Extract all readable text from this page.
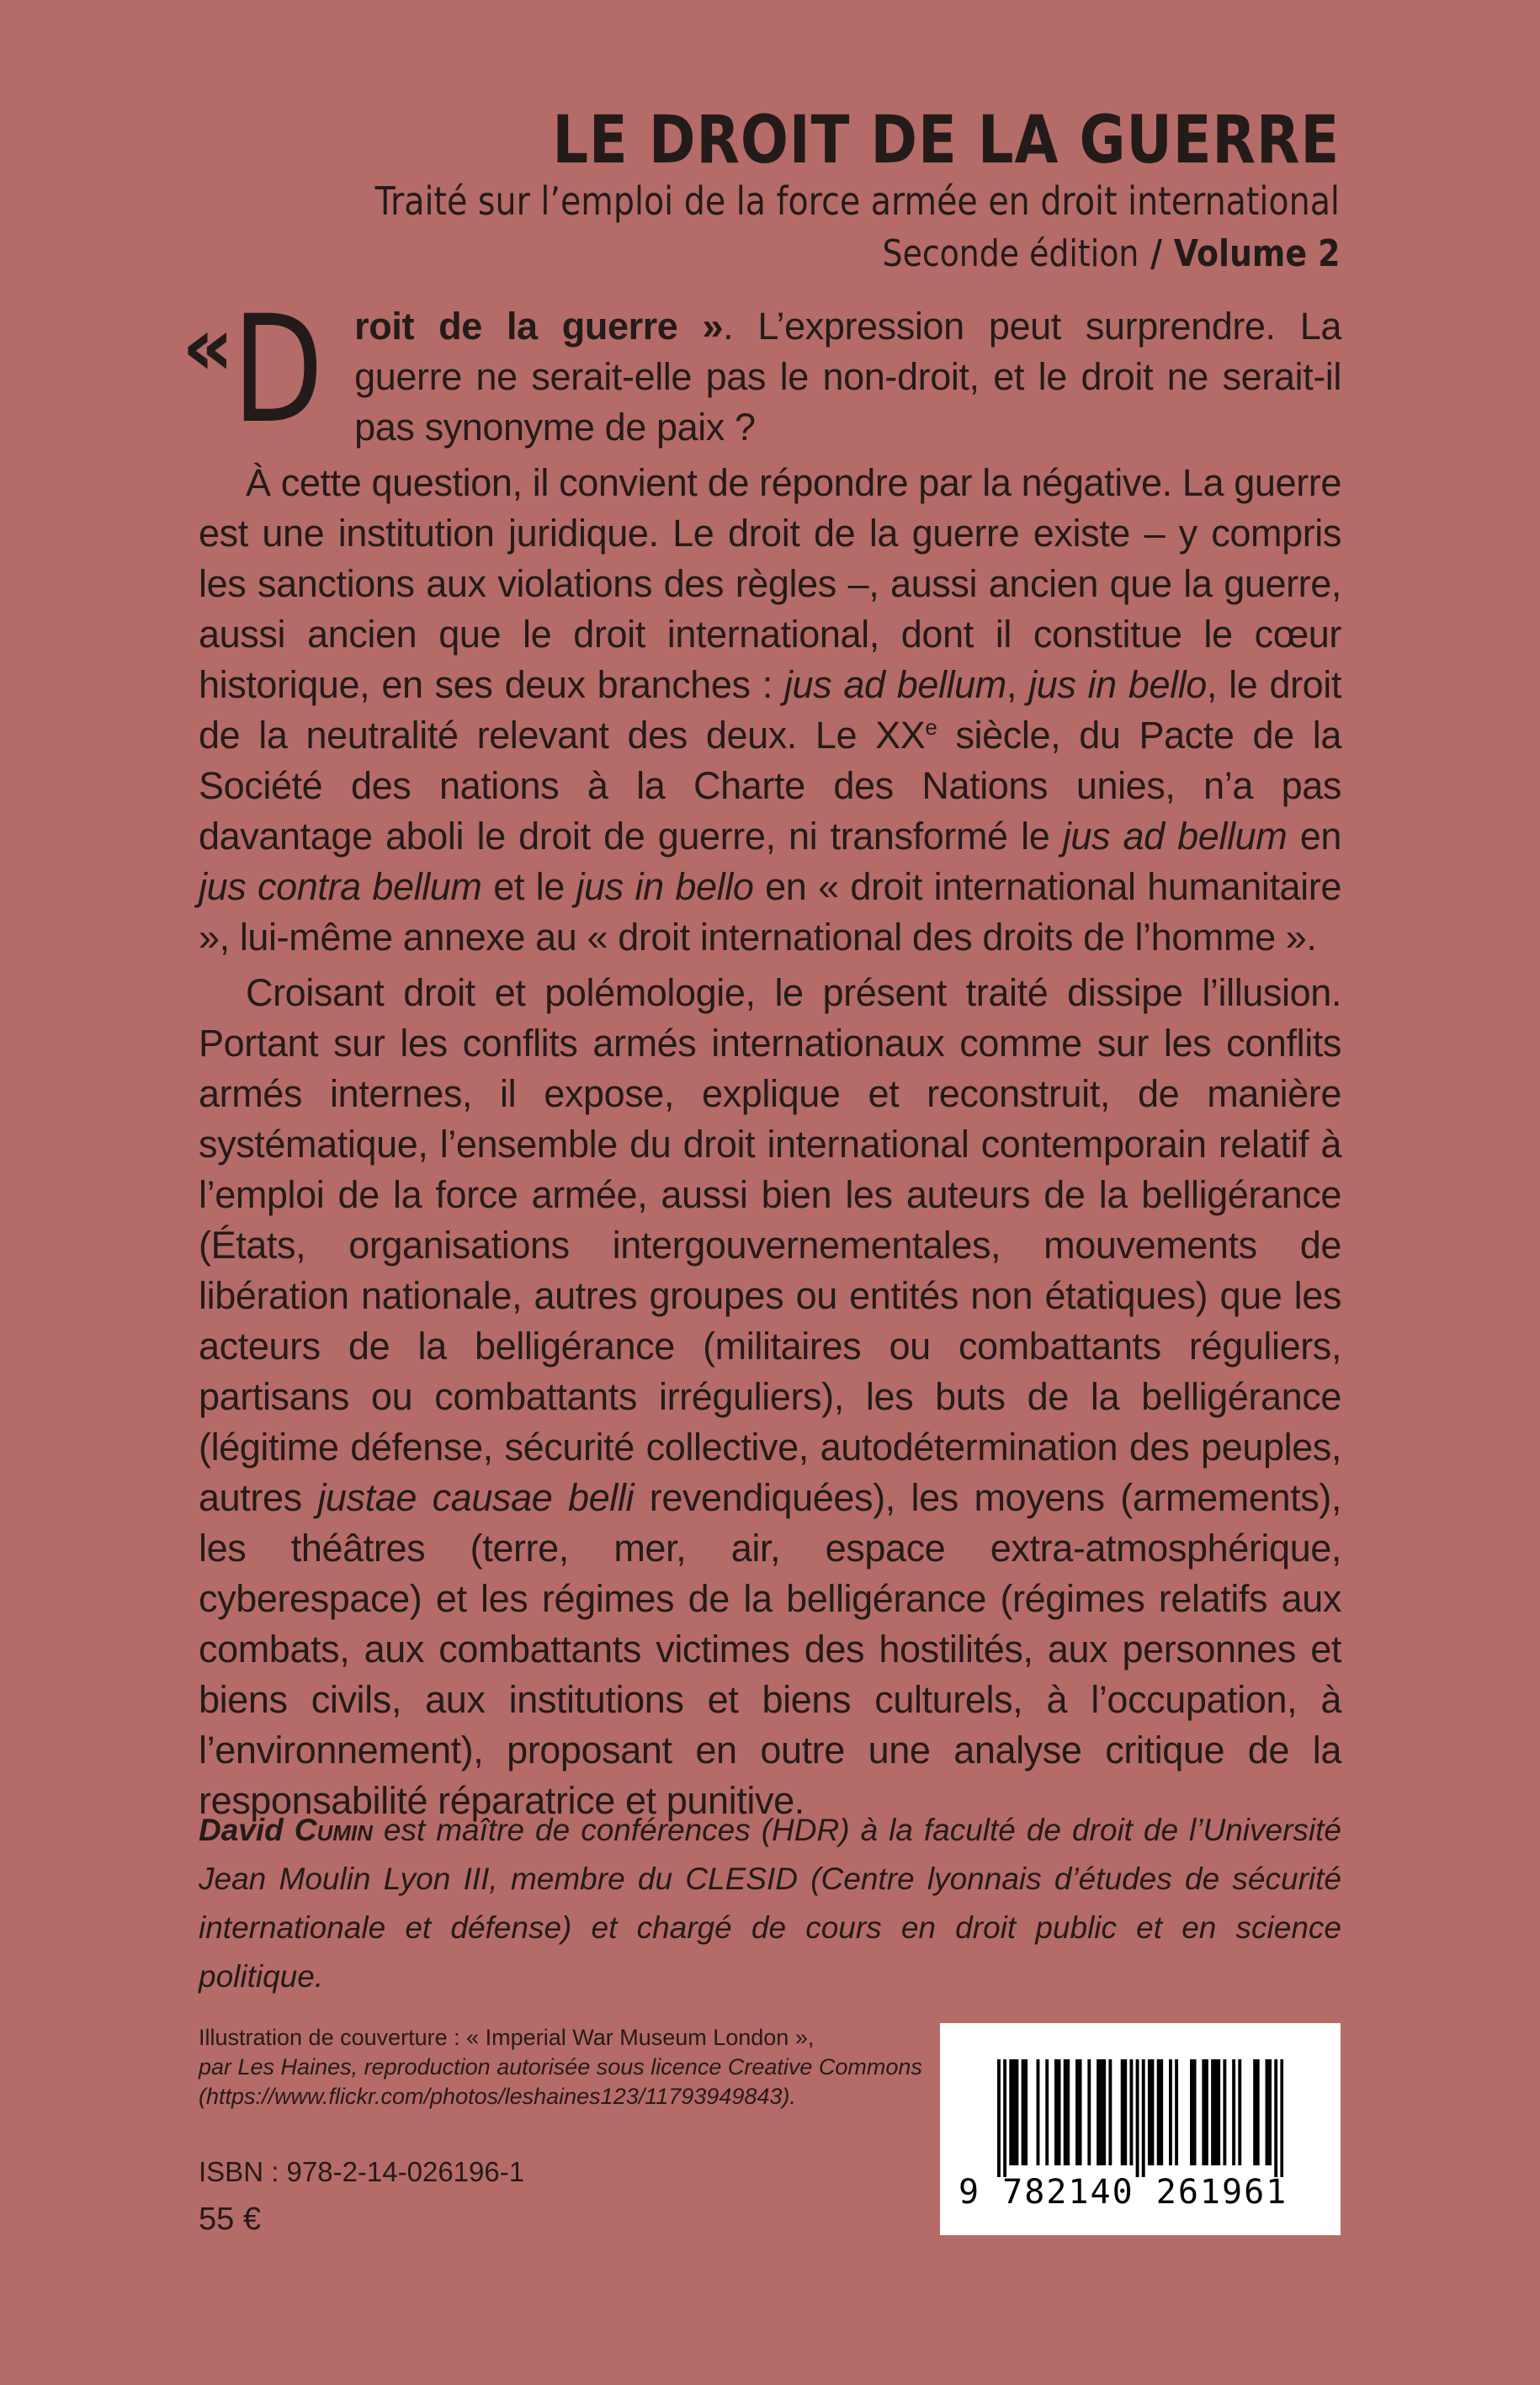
LE DROIT DE LA GUERRE
Traité sur l’emploi de la force armée en droit international
Seconde édition / Volume 2

« D roit de la guerre ». L’expression peut surprendre. La guerre ne serait-elle pas le non-droit, et le droit ne serait-il pas synonyme de paix ?

À cette question, il convient de répondre par la négative. La guerre est une institution juridique. Le droit de la guerre existe – y compris les sanctions aux violations des règles –, aussi ancien que la guerre, aussi ancien que le droit international, dont il constitue le cœur historique, en ses deux branches : jus ad bellum, jus in bello, le droit de la neutralité relevant des deux. Le XXe siècle, du Pacte de la Société des nations à la Charte des Nations unies, n’a pas davantage aboli le droit de guerre, ni transformé le jus ad bellum en jus contra bellum et le jus in bello en « droit international humanitaire », lui-même annexe au « droit international des droits de l’homme ».

Croisant droit et polémologie, le présent traité dissipe l’illusion. Portant sur les conflits armés internationaux comme sur les conflits armés internes, il expose, explique et reconstruit, de manière systématique, l’ensemble du droit international contemporain relatif à l’emploi de la force armée, aussi bien les auteurs de la belligérance (États, organisations intergouvernementales, mouvements de libération nationale, autres groupes ou entités non étatiques) que les acteurs de la belligérance (militaires ou combattants réguliers, partisans ou combattants irréguliers), les buts de la belligérance (légitime défense, sécurité collective, autodétermination des peuples, autres justae causae belli revendiquées), les moyens (armements), les théâtres (terre, mer, air, espace extra-atmosphérique, cyberespace) et les régimes de la belligérance (régimes relatifs aux combats, aux combattants victimes des hostilités, aux personnes et biens civils, aux institutions et biens culturels, à l’occupation, à l’environnement), proposant en outre une analyse critique de la responsabilité réparatrice et punitive.

David Cumin est maître de conférences (HDR) à la faculté de droit de l’Université Jean Moulin Lyon III, membre du CLESID (Centre lyonnais d’études de sécurité internationale et défense) et chargé de cours en droit public et en science politique.

Illustration de couverture : « Imperial War Museum London »,
par Les Haines, reproduction autorisée sous licence Creative Commons
(https://www.flickr.com/photos/leshaines123/11793949843).
ISBN : 978-2-14-026196-1
55 €
9 782140 261961
